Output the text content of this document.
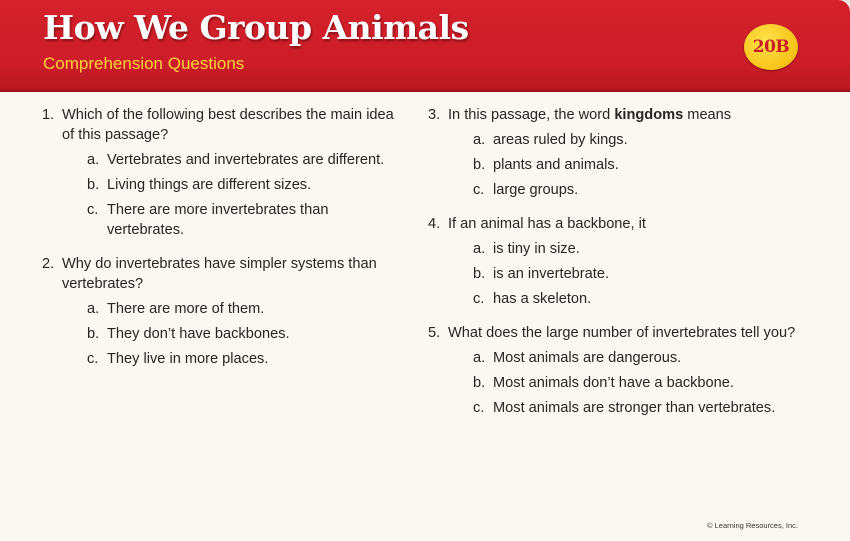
How We Group Animals
Comprehension Questions
20B
1. Which of the following best describes the main idea of this passage?
a. Vertebrates and invertebrates are different.
b. Living things are different sizes.
c. There are more invertebrates than vertebrates.
2. Why do invertebrates have simpler systems than vertebrates?
a. There are more of them.
b. They don’t have backbones.
c. They live in more places.
3. In this passage, the word kingdoms means
a. areas ruled by kings.
b. plants and animals.
c. large groups.
4. If an animal has a backbone, it
a. is tiny in size.
b. is an invertebrate.
c. has a skeleton.
5. What does the large number of invertebrates tell you?
a. Most animals are dangerous.
b. Most animals don’t have a backbone.
c. Most animals are stronger than vertebrates.
© Learning Resources, Inc.
